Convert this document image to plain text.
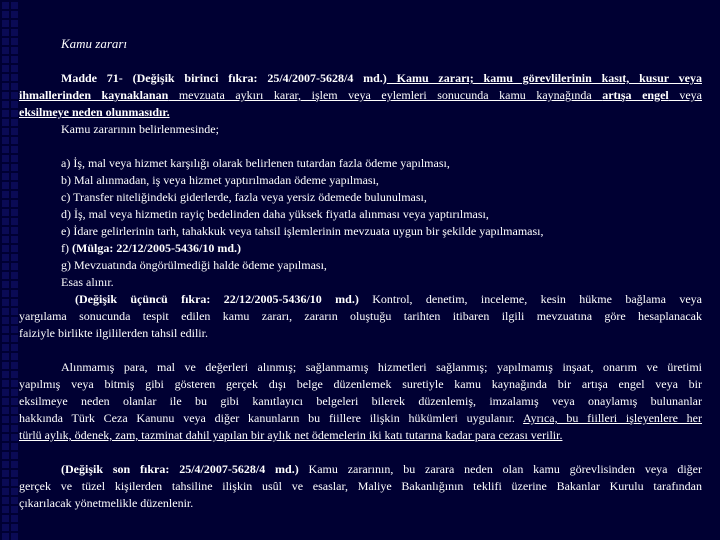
Kamu zararı
Madde 71- (Değişik birinci fıkra: 25/4/2007-5628/4 md.) Kamu zararı; kamu görevlilerinin kasıt, kusur veya
ihmallerinden kaynaklanan mevzuata aykırı karar, işlem veya eylemleri sonucunda kamu kaynağında artışa engel veya
eksilmeye neden olunmasıdır.
Kamu zararının belirlenmesinde;
a) İş, mal veya hizmet karşılığı olarak belirlenen tutardan fazla ödeme yapılması,
b) Mal alınmadan, iş veya hizmet yaptırılmadan ödeme yapılması,
c) Transfer niteliğindeki giderlerde, fazla veya yersiz ödemede bulunulması,
d) İş, mal veya hizmetin rayiç bedelinden daha yüksek fiyatla alınması veya yaptırılması,
e) İdare gelirlerinin tarh, tahakkuk veya tahsil işlemlerinin mevzuata uygun bir şekilde yapılmaması,
f) (Mülga: 22/12/2005-5436/10 md.)
g) Mevzuatında öngörülmediği halde ödeme yapılması,
Esas alınır.
(Değişik üçüncü fıkra: 22/12/2005-5436/10 md.) Kontrol, denetim, inceleme, kesin hükme bağlama veya
yargılama sonucunda tespit edilen kamu zararı, zararın oluştuğu tarihten itibaren ilgili mevzuatına göre hesaplanacak
faiziyle birlikte ilgililerden tahsil edilir.
Alınmamış para, mal ve değerleri alınmış; sağlanmamış hizmetleri sağlanmış; yapılmamış inşaat, onarım ve üretimi
yapılmış veya bitmiş gibi gösteren gerçek dışı belge düzenlemek suretiyle kamu kaynağında bir artışa engel veya bir
eksilmeye neden olanlar ile bu gibi kanıtlayıcı belgeleri bilerek düzenlemiş, imzalamış veya onaylamış bulunanlar
hakkında Türk Ceza Kanunu veya diğer kanunların bu fiillere ilişkin hükümleri uygulanır. Ayrıca, bu fiilleri işleyenlere her
türlü aylık, ödenek, zam, tazminat dahil yapılan bir aylık net ödemelerin iki katı tutarına kadar para cezası verilir.
(Değişik son fıkra: 25/4/2007-5628/4 md.) Kamu zararının, bu zarara neden olan kamu görevlisinden veya diğer
gerçek ve tüzel kişilerden tahsiline ilişkin usûl ve esaslar, Maliye Bakanlığının teklifi üzerine Bakanlar Kurulu tarafından
çıkarılacak yönetmelikle düzenlenir.
